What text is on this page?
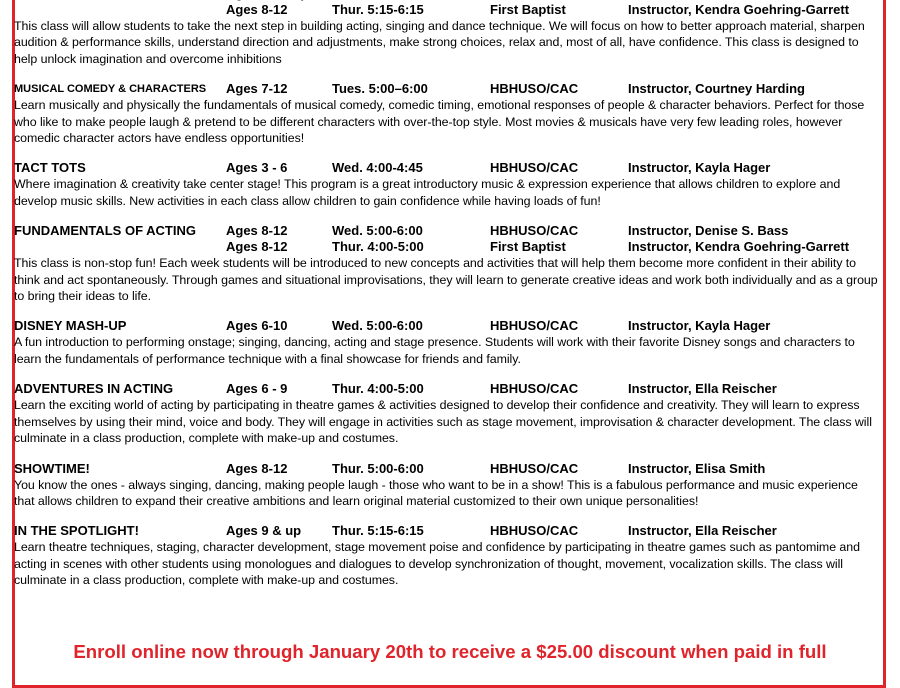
Ages 8-12	Thur. 5:15-6:15	First Baptist	Instructor, Kendra Goehring-Garrett

This class will allow students to take the next step in building acting, singing and dance technique. We will focus on how to better approach material, sharpen audition & performance skills, understand direction and adjustments, make strong choices, relax and, most of all, have confidence. This class is designed to help unlock imagination and overcome inhibitions

MUSICAL COMEDY & CHARACTERS Ages 7-12	Tues. 5:00–6:00	HBHUSO/CAC	Instructor, Courtney Harding

Learn musically and physically the fundamentals of musical comedy, comedic timing, emotional responses of people & character behaviors. Perfect for those who like to make people laugh & pretend to be different characters with over-the-top style. Most movies & musicals have very few leading roles, however comedic character actors have endless opportunities!

TACT TOTS	Ages 3 - 6	Wed. 4:00-4:45	HBHUSO/CAC	Instructor, Kayla Hager

Where imagination & creativity take center stage! This program is a great introductory music & expression experience that allows children to explore and develop music skills. New activities in each class allow children to gain confidence while having loads of fun!

FUNDAMENTALS OF ACTING Ages 8-12	Wed. 5:00-6:00	HBHUSO/CAC	Instructor, Denise S. Bass
Ages 8-12	Thur. 4:00-5:00	First Baptist	Instructor, Kendra Goehring-Garrett

This class is non-stop fun! Each week students will be introduced to new concepts and activities that will help them become more confident in their ability to think and act spontaneously. Through games and situational improvisations, they will learn to generate creative ideas and work both individually and as a group to bring their ideas to life.

DISNEY MASH-UP	Ages 6-10	Wed. 5:00-6:00	HBHUSO/CAC	Instructor, Kayla Hager

A fun introduction to performing onstage; singing, dancing, acting and stage presence. Students will work with their favorite Disney songs and characters to learn the fundamentals of performance technique with a final showcase for friends and family.

ADVENTURES IN ACTING	Ages 6 - 9	Thur. 4:00-5:00	HBHUSO/CAC	Instructor, Ella Reischer

Learn the exciting world of acting by participating in theatre games & activities designed to develop their confidence and creativity. They will learn to express themselves by using their mind, voice and body. They will engage in activities such as stage movement, improvisation & character development. The class will culminate in a class production, complete with make-up and costumes.

SHOWTIME!	Ages 8-12	Thur. 5:00-6:00	HBHUSO/CAC	Instructor, Elisa Smith

You know the ones - always singing, dancing, making people laugh - those who want to be in a show! This is a fabulous performance and music experience that allows children to expand their creative ambitions and learn original material customized to their own unique personalities!

IN THE SPOTLIGHT!	Ages 9 & up Thur. 5:15-6:15	HBHUSO/CAC	Instructor, Ella Reischer

Learn theatre techniques, staging, character development, stage movement poise and confidence by participating in theatre games such as pantomime and acting in scenes with other students using monologues and dialogues to develop synchronization of thought, movement, vocalization skills. The class will culminate in a class production, complete with make-up and costumes.

Enroll online now through January 20th to receive a $25.00 discount when paid in full
